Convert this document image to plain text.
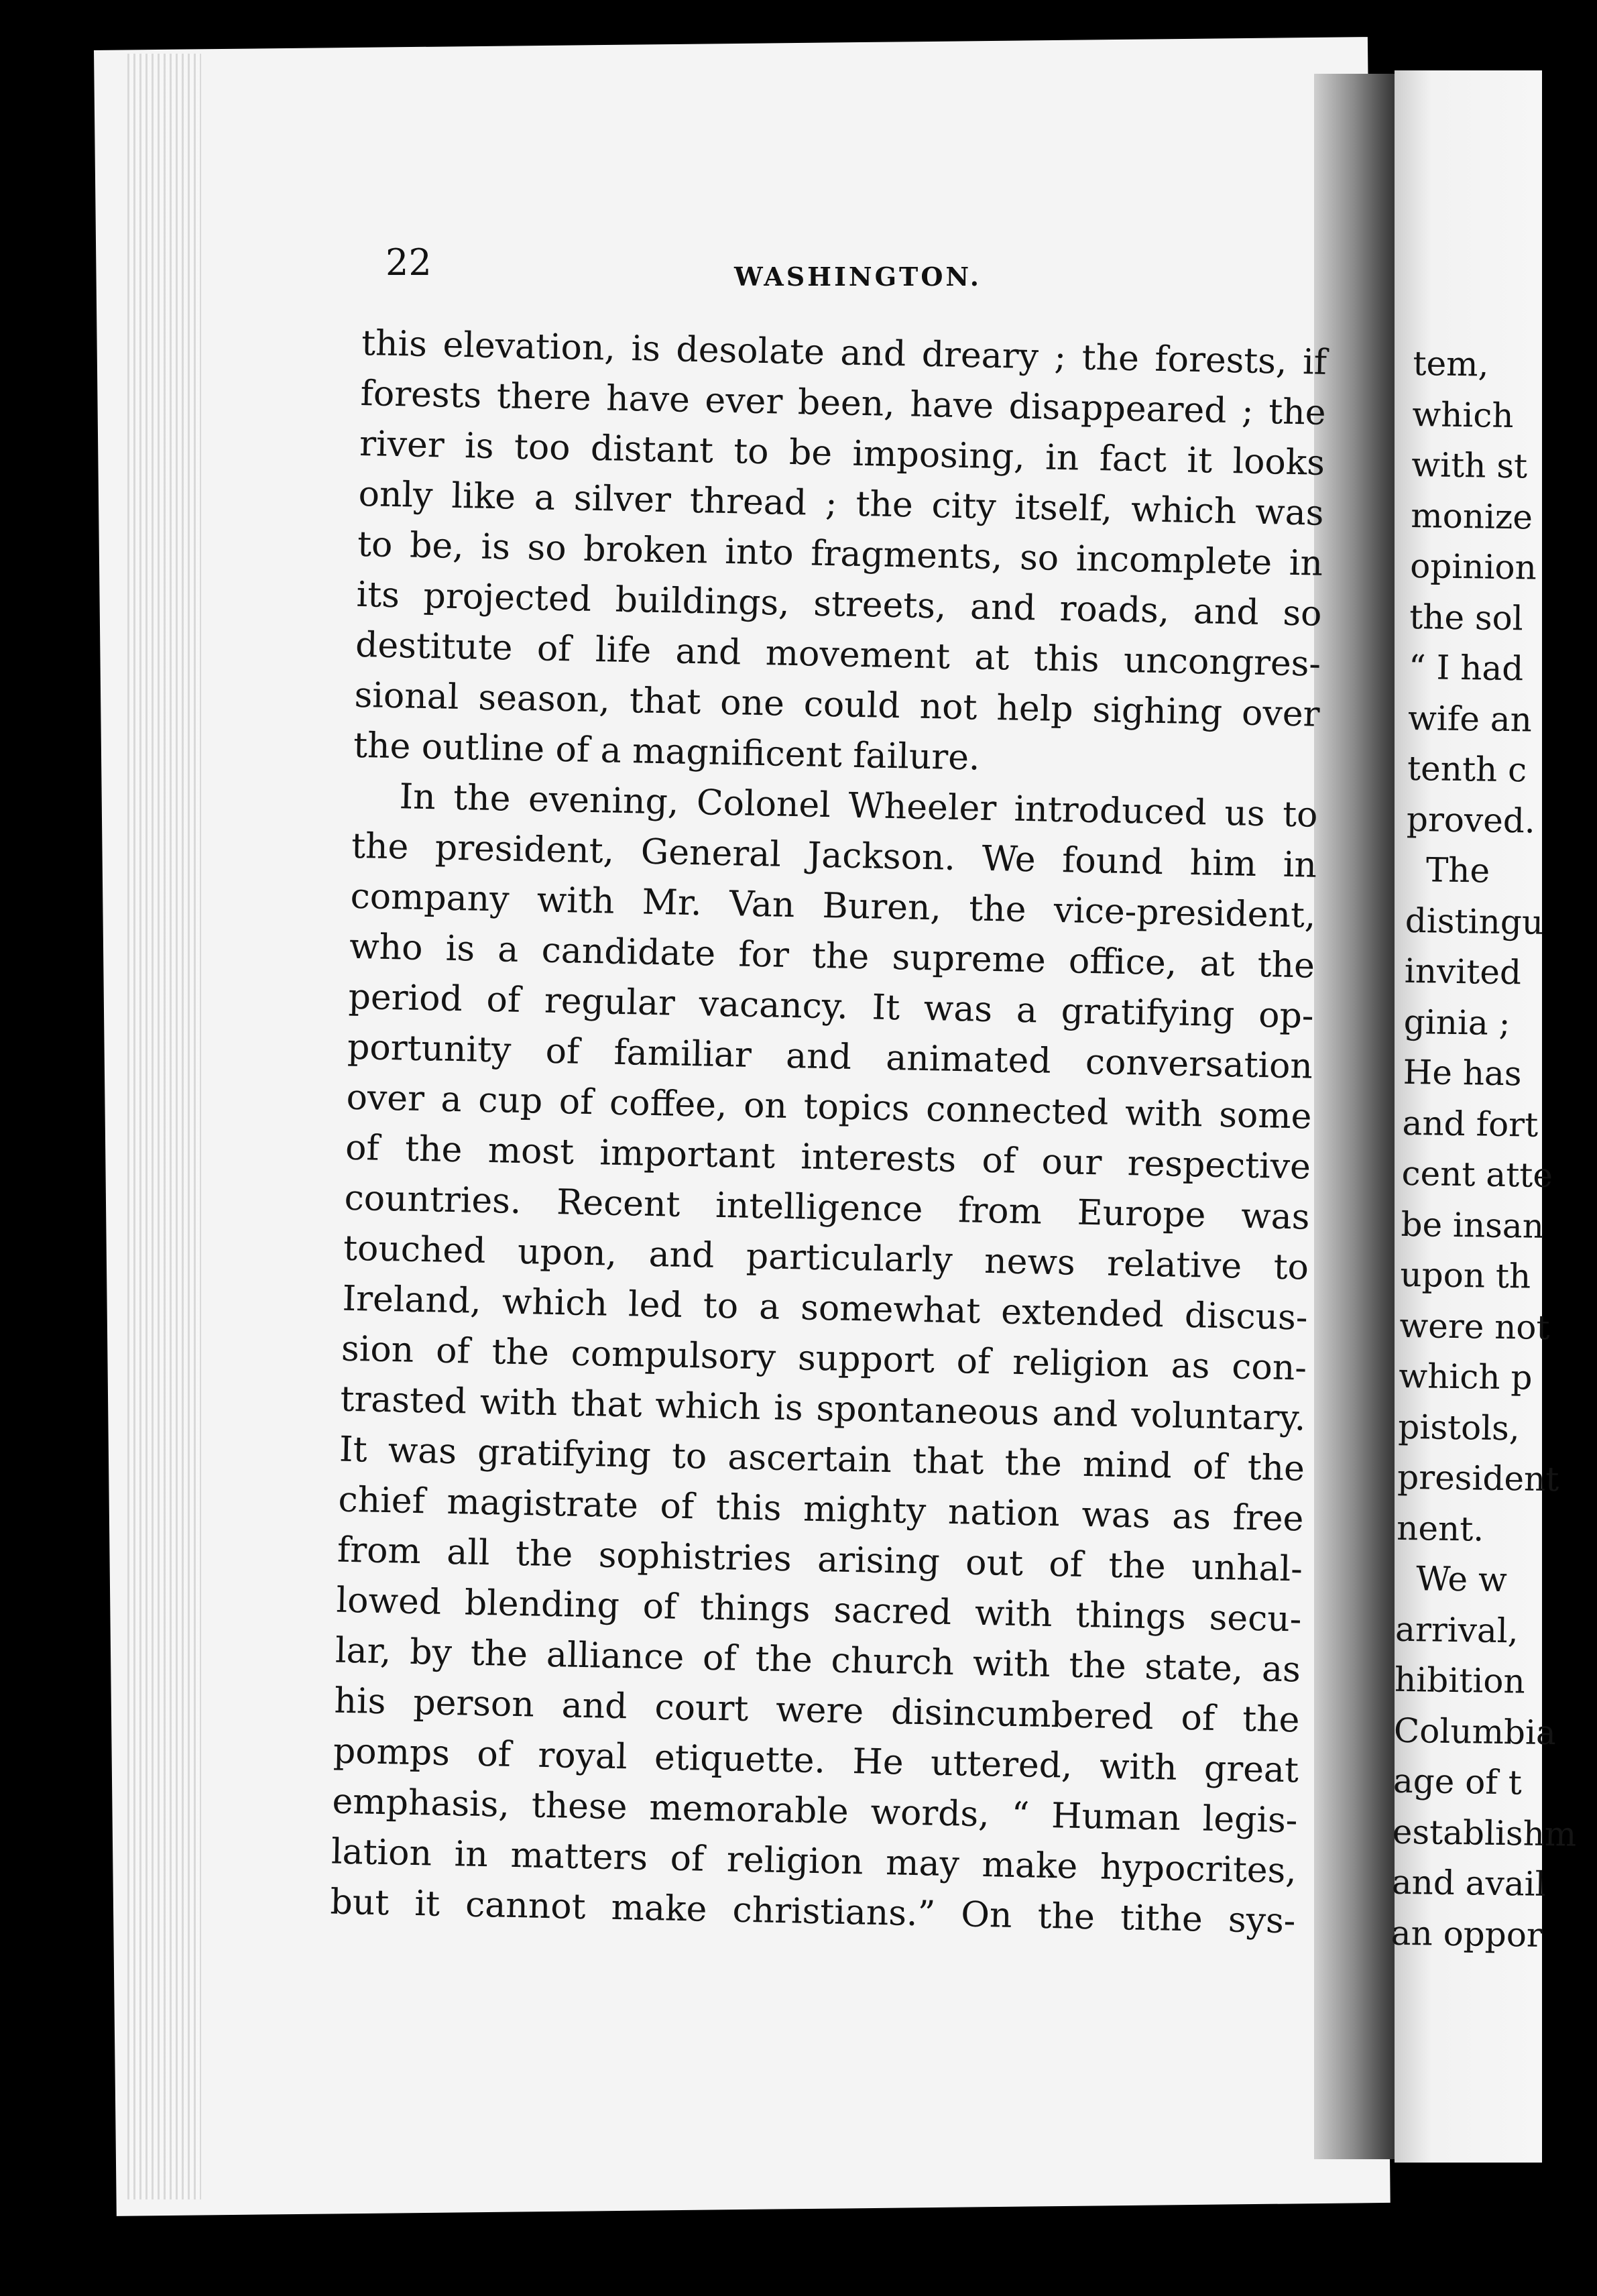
22	WASHINGTON.
this elevation, is desolate and dreary ; the forests, if
forests there have ever been, have disappeared ; the
river is too distant to be imposing, in fact it looks
only like a silver thread ; the city itself, which was
to be, is so broken into fragments, so incomplete in
its projected buildings, streets, and roads, and so
destitute of life and movement at this uncongres-
sional season, that one could not help sighing over
the outline of a magnificent failure.
In the evening, Colonel Wheeler introduced us to
the president, General Jackson. We found him in
company with Mr. Van Buren, the vice-president,
who is a candidate for the supreme office, at the
period of regular vacancy. It was a gratifying op-
portunity of familiar and animated conversation
over a cup of coffee, on topics connected with some
of the most important interests of our respective
countries. Recent intelligence from Europe was
touched upon, and particularly news relative to
Ireland, which led to a somewhat extended discus-
sion of the compulsory support of religion as con-
trasted with that which is spontaneous and voluntary.
It was gratifying to ascertain that the mind of the
chief magistrate of this mighty nation was as free
from all the sophistries arising out of the unhal-
lowed blending of things sacred with things secu-
lar, by the alliance of the church with the state, as
his person and court were disincumbered of the
pomps of royal etiquette. He uttered, with great
emphasis, these memorable words, “ Human legis-
lation in matters of religion may make hypocrites,
but it cannot make christians.” On the tithe sys-
tem,
which
with st
monize
opinion
the sol
“ I had
wife an
tenth c
proved.
The
distingu
invited
ginia ;
He has
and fort
cent atte
be insan
upon th
were not
which p
pistols,
president
nent.
We w
arrival,
hibition
Columbia
age of t
establishm
and avail
an oppor
